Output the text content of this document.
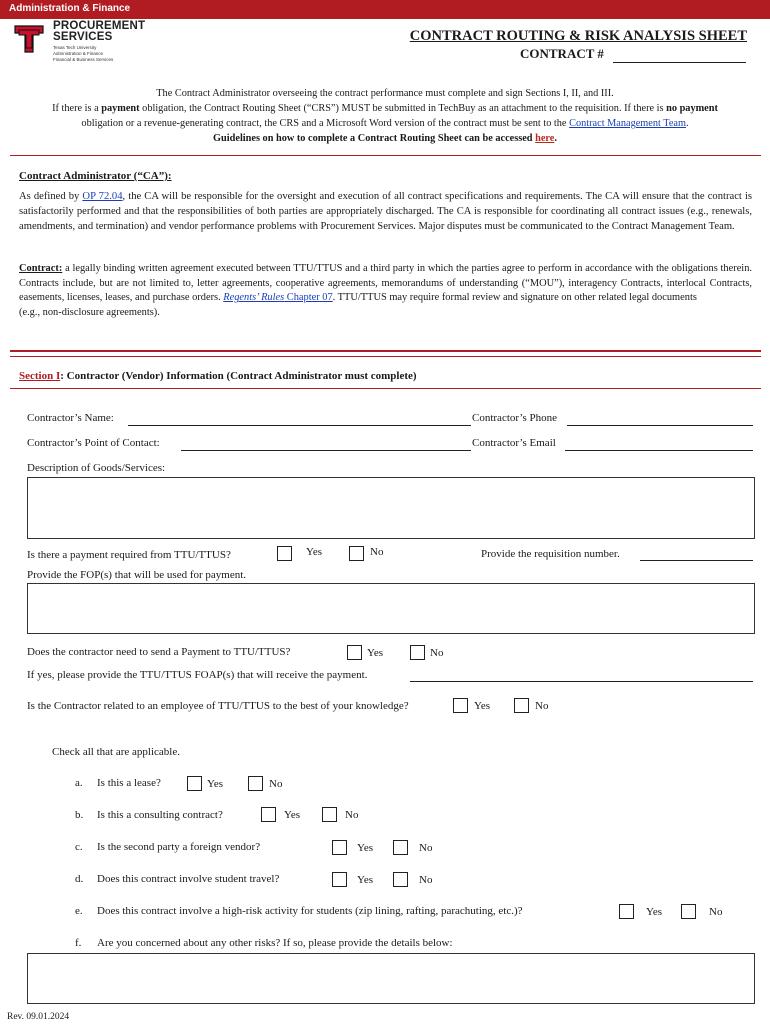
Administration & Finance
PROCUREMENT
SERVICES
Texas Tech University
Administration & Finance
Financial & Business Services
CONTRACT ROUTING & RISK ANALYSIS SHEET
CONTRACT #
The Contract Administrator overseeing the contract performance must complete and sign Sections I, II, and III.
If there is a payment obligation, the Contract Routing Sheet (“CRS”) MUST be submitted in TechBuy as an attachment to the requisition. If there is no payment
obligation or a revenue-generating contract, the CRS and a Microsoft Word version of the contract must be sent to the Contract Management Team.
Guidelines on how to complete a Contract Routing Sheet can be accessed here.
Contract Administrator (“CA”):
As defined by OP 72.04, the CA will be responsible for the oversight and execution of all contract specifications and requirements. The CA will ensure that the contract is satisfactorily performed and that the responsibilities of both parties are appropriately discharged. The CA is responsible for coordinating all contract issues (e.g., renewals, amendments, and termination) and vendor performance problems with Procurement Services. Major disputes must be communicated to the Contract Management Team.
Contract: a legally binding written agreement executed between TTU/TTUS and a third party in which the parties agree to perform in accordance with the obligations therein. Contracts include, but are not limited to, letter agreements, cooperative agreements, memorandums of understanding (“MOU”), interagency Contracts, interlocal Contracts, easements, licenses, leases, and purchase orders. Regents’ Rules Chapter 07. TTU/TTUS may require formal review and signature on other related legal documents
(e.g., non-disclosure agreements).
Section I: Contractor (Vendor) Information (Contract Administrator must complete)
Contractor’s Name:	Contractor’s Phone
Contractor’s Point of Contact:	Contractor’s Email
Description of Goods/Services:
Is there a payment required from TTU/TTUS?	Yes	No	Provide the requisition number.
Provide the FOP(s) that will be used for payment.
Does the contractor need to send a Payment to TTU/TTUS?	Yes	No
If yes, please provide the TTU/TTUS FOAP(s) that will receive the payment.
Is the Contractor related to an employee of TTU/TTUS to the best of your knowledge?	Yes	No
Check all that are applicable.
a. Is this a lease?	Yes	No
b. Is this a consulting contract?	Yes	No
c. Is the second party a foreign vendor?	Yes	No
d. Does this contract involve student travel?	Yes	No
e. Does this contract involve a high-risk activity for students (zip lining, rafting, parachuting, etc.)?	Yes	No
f. Are you concerned about any other risks? If so, please provide the details below:
Rev. 09.01.2024
